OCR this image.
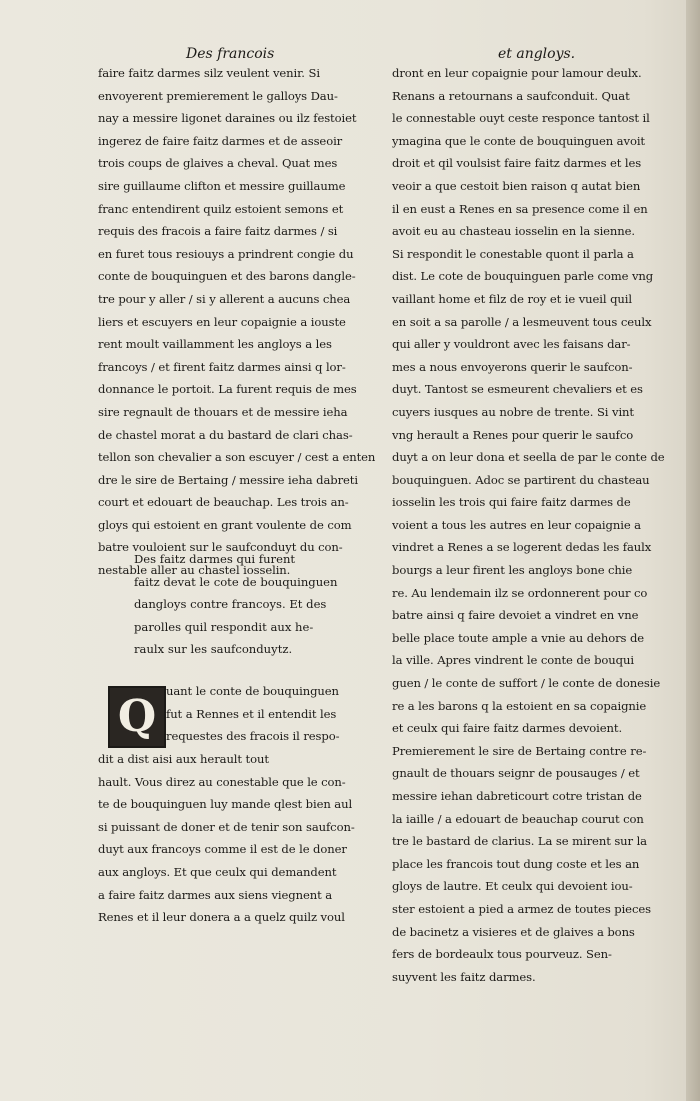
Des francois	et angloys.
faire faitz darmes silz veulent venir. Si
envoyerent premierement le galloys Dau-
nay a messire ligonet daraines ou ilz festoiet
ingerez de faire faitz darmes et de asseoir
trois coups de glaives a cheval. Quat mes
sire guillaume clifton et messire guillaume
franc entendirent quilz estoient semons et
requis des fracois a faire faitz darmes / si
en furet tous resiouys a prindrent congie du
conte de bouquinguen et des barons dangle-
tre pour y aller / si y allerent a aucuns chea
liers et escuyers en leur copaignie a iouste
rent moult vaillamment les angloys a les
francoys / et firent faitz darmes ainsi q lor-
donnance le portoit. La furent requis de mes
sire regnault de thouars et de messire ieha
de chastel morat a du bastard de clari chas-
tellon son chevalier a son escuyer / cest a enten
dre le sire de Bertaing / messire ieha dabreti
court et edouart de beauchap. Les trois an-
gloys qui estoient en grant voulente de com
batre vouloient sur le saufconduyt du con-
nestable aller au chastel iosselin.
Des faitz darmes qui furent
faitz devat le cote de bouquinguen
dangloys contre francoys. Et des
parolles quil respondit aux he-
raulx sur les saufconduytz.
Q uant le conte de bouquinguen
fut a Rennes et il entendit les
requestes des fracois il respo-
dit a dist aisi aux herault tout
hault. Vous direz au conestable que le con-
te de bouquinguen luy mande qlest bien aul
si puissant de doner et de tenir son saufcon-
duyt aux francoys comme il est de le doner
aux angloys. Et que ceulx qui demandent
a faire faitz darmes aux siens viegnent a
Renes et il leur donera a a quelz quilz voul
dront en leur copaignie pour lamour deulx.
Renans a retournans a saufconduit. Quat
le connestable ouyt ceste responce tantost il
ymagina que le conte de bouquinguen avoit
droit et qil voulsist faire faitz darmes et les
veoir a que cestoit bien raison q autat bien
il en eust a Renes en sa presence come il en
avoit eu au chasteau iosselin en la sienne.
Si respondit le conestable quont il parla a
dist. Le cote de bouquinguen parle come vng
vaillant home et filz de roy et ie vueil quil
en soit a sa parolle / a lesmeuvent tous ceulx
qui aller y vouldront avec les faisans dar-
mes a nous envoyerons querir le saufcon-
duyt. Tantost se esmeurent chevaliers et es
cuyers iusques au nobre de trente. Si vint
vng herault a Renes pour querir le saufco
duyt a on leur dona et seella de par le conte de
bouquinguen. Adoc se partirent du chasteau
iosselin les trois qui faire faitz darmes de
voient a tous les autres en leur copaignie a
vindret a Renes a se logerent dedas les faulx
bourgs a leur firent les angloys bone chie
re. Au lendemain ilz se ordonnerent pour co
batre ainsi q faire devoiet a vindret en vne
belle place toute ample a vnie au dehors de
la ville. Apres vindrent le conte de bouqui
guen / le conte de suffort / le conte de donesie
re a les barons q la estoient en sa copaignie
et ceulx qui faire faitz darmes devoient.
Premierement le sire de Bertaing contre re-
gnault de thouars seignr de pousauges / et
messire iehan dabreticourt cotre tristan de
la iaille / a edouart de beauchap courut con
tre le bastard de clarius. La se mirent sur la
place les francois tout dung coste et les an
gloys de lautre. Et ceulx qui devoient iou-
ster estoient a pied a armez de toutes pieces
de bacinetz a visieres et de glaives a bons
fers de bordeaulx tous pourveuz. Sen-
suyvent les faitz darmes.
